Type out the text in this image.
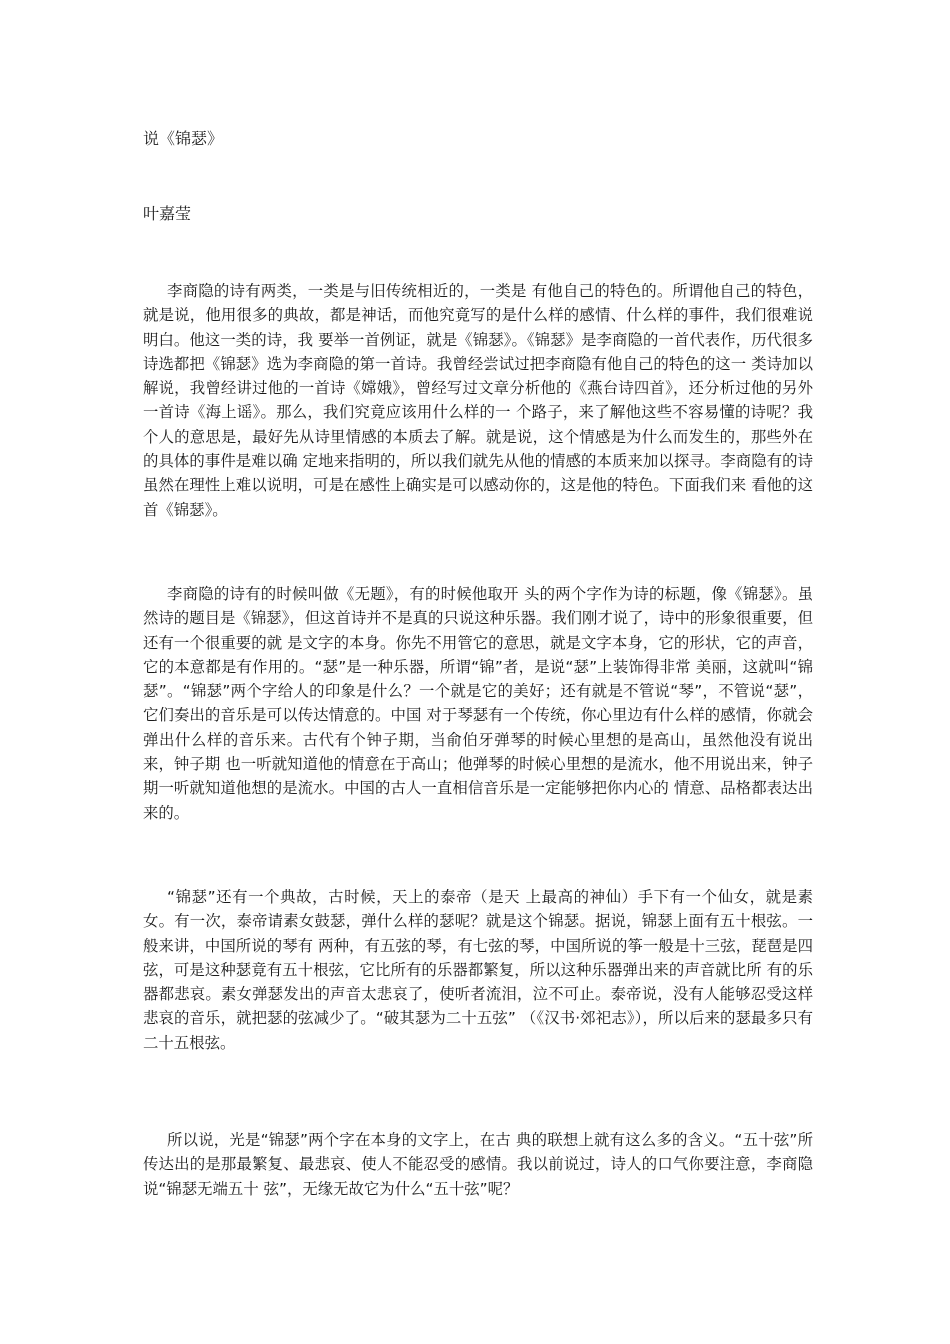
说《锦瑟》
叶嘉莹

李商隐的诗有两类，一类是与旧传统相近的，一类是 有他自己的特色的。所谓他自己的特色，就是说，他用很多的典故，都是神话，而他究竟写的是什么样的感情、什么样的事件，我们很难说明白。他这一类的诗，我 要举一首例证，就是《锦瑟》。《锦瑟》是李商隐的一首代表作，历代很多诗选都把《锦瑟》选为李商隐的第一首诗。我曾经尝试过把李商隐有他自己的特色的这一 类诗加以解说，我曾经讲过他的一首诗《嫦娥》，曾经写过文章分析他的《燕台诗四首》，还分析过他的另外一首诗《海上谣》。那么，我们究竟应该用什么样的一 个路子，来了解他这些不容易懂的诗呢？我个人的意思是，最好先从诗里情感的本质去了解。就是说，这个情感是为什么而发生的，那些外在的具体的事件是难以确 定地来指明的，所以我们就先从他的情感的本质来加以探寻。李商隐有的诗虽然在理性上难以说明，可是在感性上确实是可以感动你的，这是他的特色。下面我们来 看他的这首《锦瑟》。

李商隐的诗有的时候叫做《无题》，有的时候他取开 头的两个字作为诗的标题，像《锦瑟》。虽然诗的题目是《锦瑟》，但这首诗并不是真的只说这种乐器。我们刚才说了，诗中的形象很重要，但还有一个很重要的就 是文字的本身。你先不用管它的意思，就是文字本身，它的形状，它的声音，它的本意都是有作用的。“瑟”是一种乐器，所谓“锦”者，是说“瑟”上装饰得非常 美丽，这就叫“锦瑟”。“锦瑟”两个字给人的印象是什么？一个就是它的美好；还有就是不管说“琴”，不管说“瑟”，它们奏出的音乐是可以传达情意的。中国 对于琴瑟有一个传统，你心里边有什么样的感情，你就会弹出什么样的音乐来。古代有个钟子期，当俞伯牙弹琴的时候心里想的是高山，虽然他没有说出来，钟子期 也一听就知道他的情意在于高山；他弹琴的时候心里想的是流水，他不用说出来，钟子期一听就知道他想的是流水。中国的古人一直相信音乐是一定能够把你内心的 情意、品格都表达出来的。

“锦瑟”还有一个典故，古时候，天上的泰帝（是天 上最高的神仙）手下有一个仙女，就是素女。有一次，泰帝请素女鼓瑟，弹什么样的瑟呢？就是这个锦瑟。据说，锦瑟上面有五十根弦。一般来讲，中国所说的琴有 两种，有五弦的琴，有七弦的琴，中国所说的筝一般是十三弦，琵琶是四弦，可是这种瑟竟有五十根弦，它比所有的乐器都繁复，所以这种乐器弹出来的声音就比所 有的乐器都悲哀。素女弹瑟发出的声音太悲哀了，使听者流泪，泣不可止。泰帝说，没有人能够忍受这样悲哀的音乐，就把瑟的弦减少了。“破其瑟为二十五弦” （《汉书·郊祀志》），所以后来的瑟最多只有二十五根弦。

所以说，光是“锦瑟”两个字在本身的文字上，在古 典的联想上就有这么多的含义。“五十弦”所传达出的是那最繁复、最悲哀、使人不能忍受的感情。我以前说过，诗人的口气你要注意，李商隐说“锦瑟无端五十 弦”，无缘无故它为什么“五十弦”呢？
